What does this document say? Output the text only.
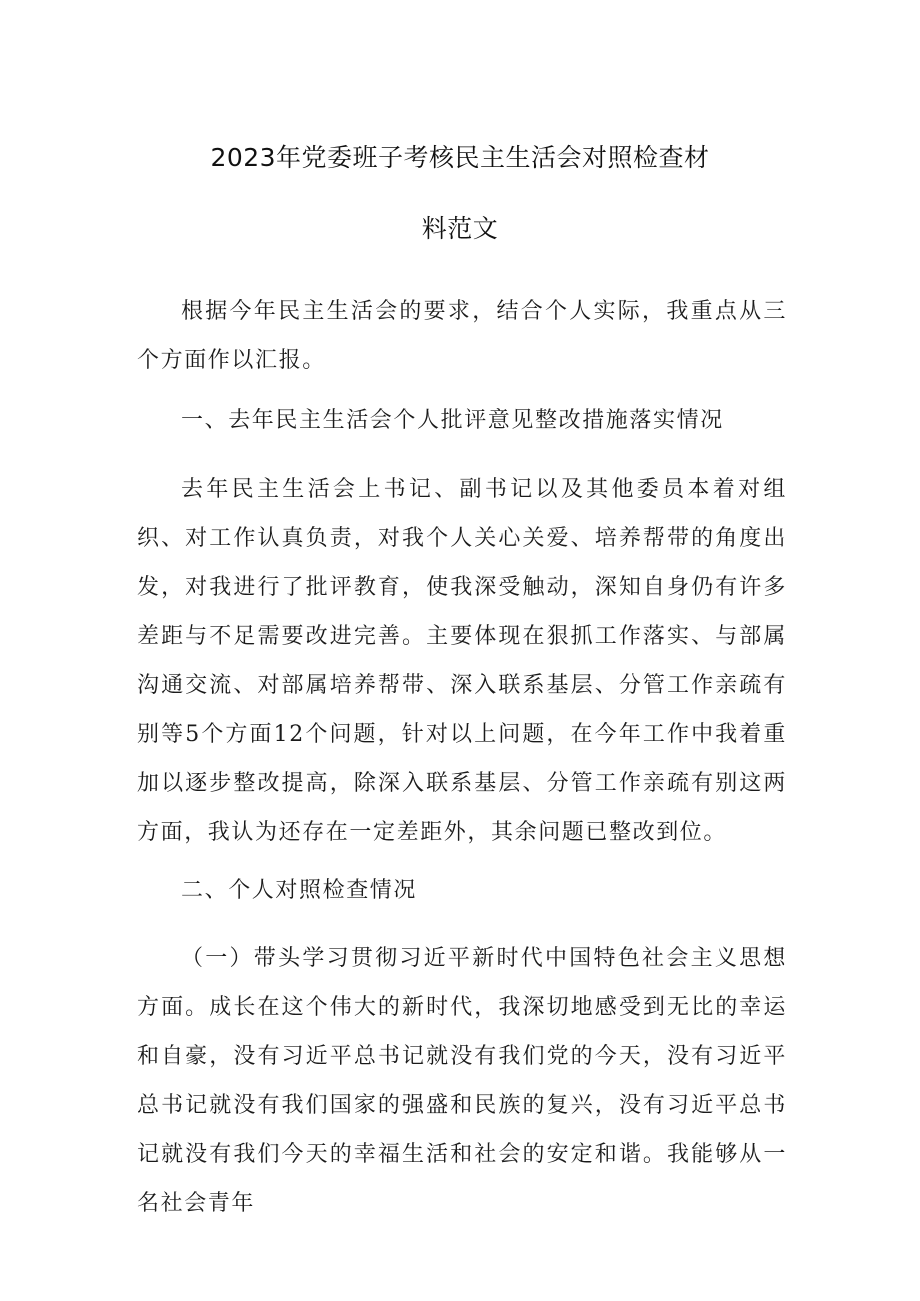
2023年党委班子考核民主生活会对照检查材
料范文

根据今年民主生活会的要求，结合个人实际，我重点从三个方面作以汇报。

一、去年民主生活会个人批评意见整改措施落实情况

去年民主生活会上书记、副书记以及其他委员本着对组织、对工作认真负责，对我个人关心关爱、培养帮带的角度出发，对我进行了批评教育，使我深受触动，深知自身仍有许多差距与不足需要改进完善。主要体现在狠抓工作落实、与部属沟通交流、对部属培养帮带、深入联系基层、分管工作亲疏有别等5个方面12个问题，针对以上问题，在今年工作中我着重加以逐步整改提高，除深入联系基层、分管工作亲疏有别这两方面，我认为还存在一定差距外，其余问题已整改到位。

二、个人对照检查情况

（一）带头学习贯彻习近平新时代中国特色社会主义思想方面。成长在这个伟大的新时代，我深切地感受到无比的幸运和自豪，没有习近平总书记就没有我们党的今天，没有习近平总书记就没有我们国家的强盛和民族的复兴，没有习近平总书记就没有我们今天的幸福生活和社会的安定和谐。我能够从一名社会青年
